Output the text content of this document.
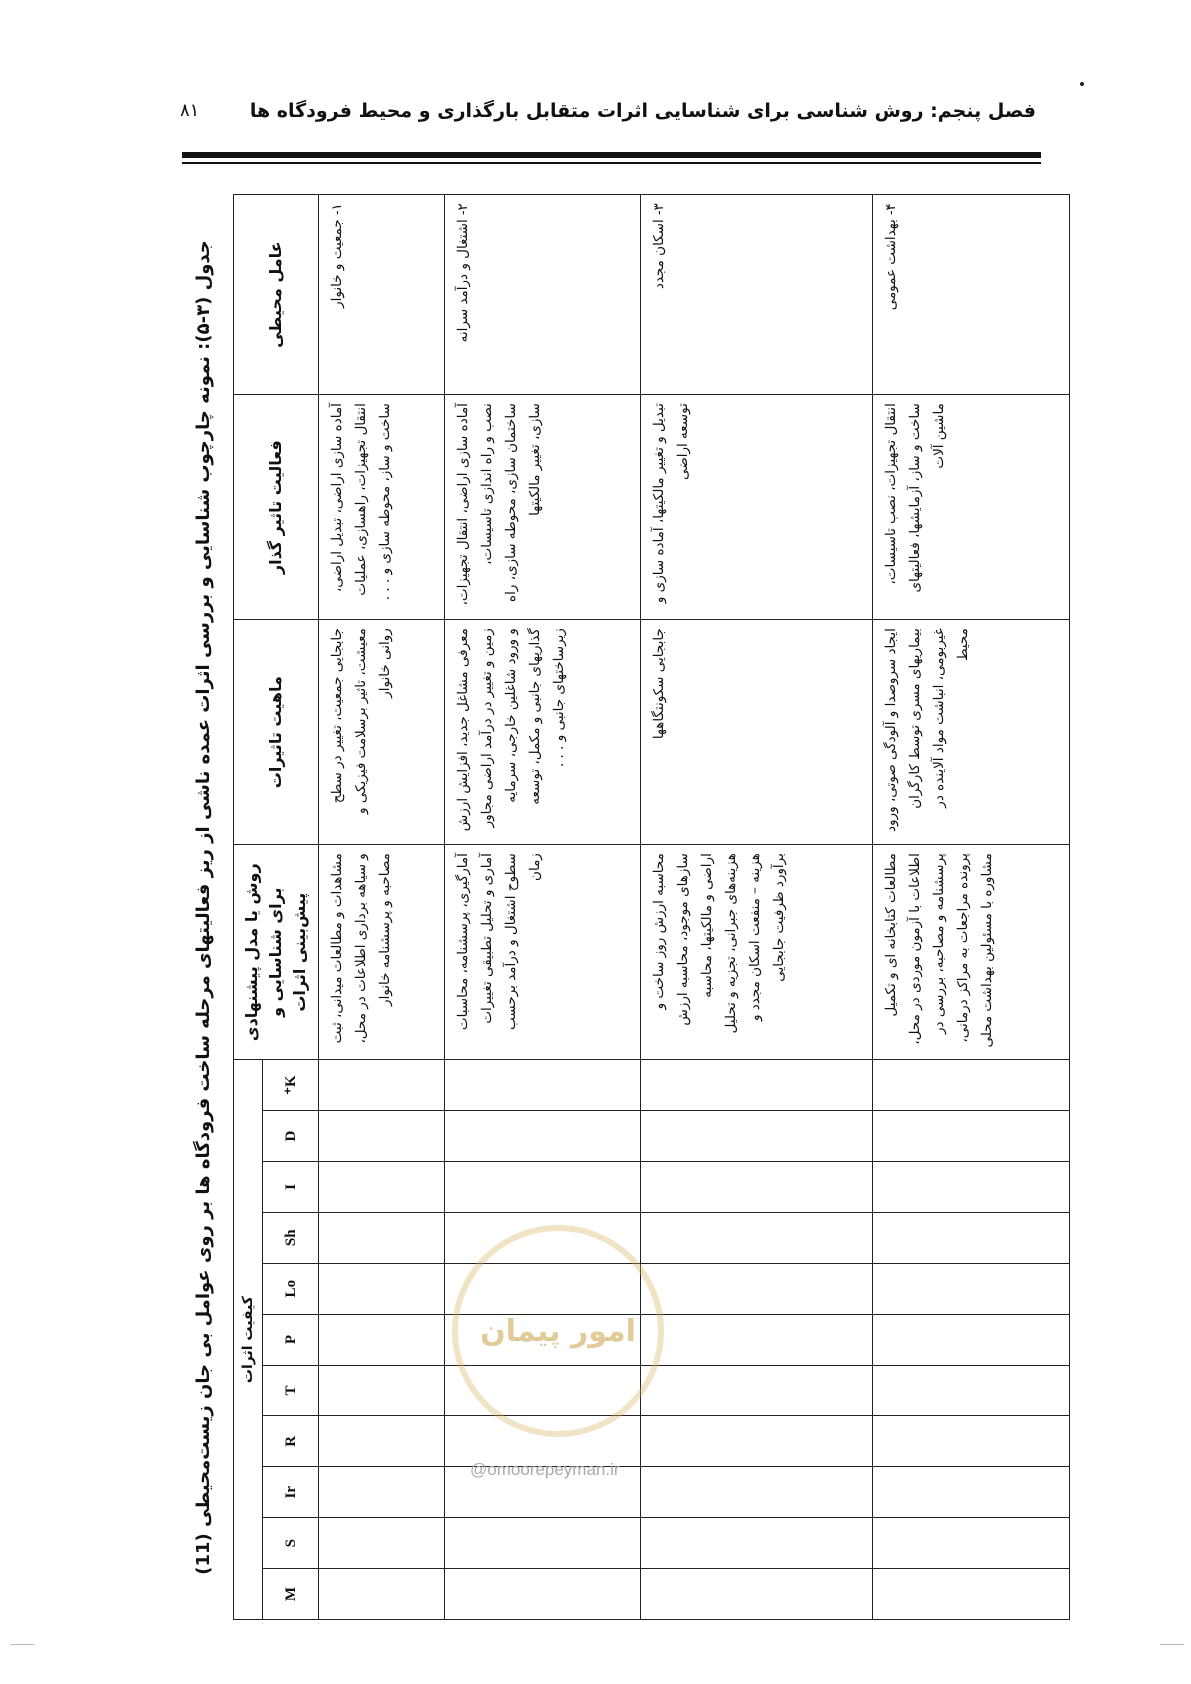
فصل پنجم: روش شناسی برای شناسایی اثرات متقابل بارگذاری و محیط فرودگاه ها
۸۱
جدول (۳-۵): نمونه چارچوب شناسایی و بررسی اثرات عمده ناشی از ریز فعالیتهای مرحله ساخت فرودگاه ها بر روی عوامل بی جان زیست‌محیطی (11)	عامل محیطی	فعالیت تاثیر گذار	ماهیت تاثیرات	روش یا مدل پیشنهادی برای شناسایی و پیش‌بینی اثرات	کیفیت اثرات										
				K⁺	D	I	Sh	Lo	P	T	R	Ir	S	M
۱- جمعیت و خانوار	آماده سازی اراضی، تبدیل اراضی، انتقال تجهیزات، راهسازی، عملیات ساخت و ساز، محوطه سازی و . . .	جابجایی جمعیت، تغییر در سطح معیشت، تاثیر برسلامت فیزیکی و روانی خانوار	مشاهدات و مطالعات میدانی، ثبت و سیاهه برداری اطلاعات در محل، مصاحبه و پرسشنامه خانوار											
۲- اشتغال و درآمد سرانه	آماده سازی اراضی، انتقال تجهیزات، نصب و راه اندازی تاسیسات، ساختمان سازی، محوطه سازی، راه سازی، تغییر مالکیتها	معرفی مشاغل جدید، افزایش ارزش زمین و تغییر در درآمد اراضی مجاور و ورود شاغلین خارجی، سرمایه گذاریهای جانبی و مکمل، توسعه زیرساختهای جانبی و . . .	آمارگیری، پرسشنامه، محاسبات آماری و تحلیل تطبیقی تغییرات سطوح اشتغال و درآمد برحسب زمان											
۳- اسکان مجدد	تبدیل و تغییر مالکیتها، آماده سازی و توسعه اراضی	جابجایی سکونتگاهها	محاسبه ارزش روز ساخت و سازهای موجود، محاسبه ارزش اراضی و مالکیتها، محاسبه هزینه‌های جبرانی، تجزیه و تحلیل هزینه – منفعت اسکان مجدد و برآورد ظرفیت جابجایی											
۴- بهداشت عمومی	انتقال تجهیزات، نصب تاسیسات، ساخت و ساز، آزمایشها، فعالیتهای ماشین آلات	ایجاد سروصدا و آلودگی صوتی، ورود بیماریهای مسری توسط کارگران غیربومی، انباشت مواد آلاینده در محیط	مطالعات کتابخانه ای و تکمیل اطلاعات با آزمون موردی در محل، پرسشنامه و مصاحبه، بررسی در پرونده مراجعات به مراکز درمانی، مشاوره با مسئولین بهداشت محلی											
امور پیمان
@omoorepeyman.ir
